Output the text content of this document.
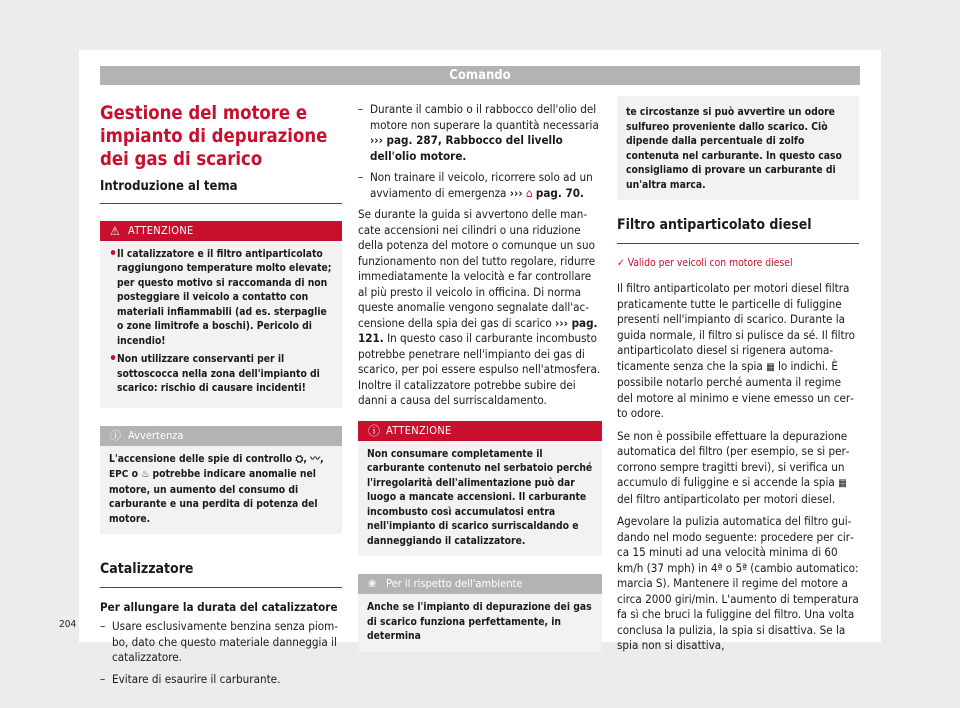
Comando
Gestione del motore e impianto di depurazione dei gas di scarico
Introduzione al tema
⚠ ATTENZIONE
• Il catalizzatore e il filtro antiparticolato raggiungono temperature molto elevate; per questo motivo si raccomanda di non posteggiare il veicolo a contatto con materiali infiammabili (ad es. sterpaglie o zone limitrofe a boschi). Pericolo di incendio!
• Non utilizzare conservanti per il sottoscocca nella zona dell'impianto di scarico: rischio di causare incidenti!
ⓘ Avvertenza
L'accensione delle spie di controllo ⛭, 〰, EPC o ♨ potrebbe indicare anomalie nel motore, un aumento del consumo di carburante e una perdita di potenza del motore.
Catalizzatore
Per allungare la durata del catalizzatore
– Usare esclusivamente benzina senza piombo, dato che questo materiale danneggia il catalizzatore.
– Evitare di esaurire il carburante.
– Durante il cambio o il rabbocco dell'olio del motore non superare la quantità necessaria ››› pag. 287, Rabbocco del livello dell'olio motore.
– Non trainare il veicolo, ricorrere solo ad un avviamento di emergenza ››› ⌂ pag. 70.

Se durante la guida si avvertono delle mancate accensioni nei cilindri o una riduzione della potenza del motore o comunque un suo funzionamento non del tutto regolare, ridurre immediatamente la velocità e far controllare al più presto il veicolo in officina. Di norma queste anomalie vengono segnalate dall'accensione della spia dei gas di scarico ››› pag. 121. In questo caso il carburante incombusto potrebbe penetrare nell'impianto dei gas di scarico, per poi essere espulso nell'atmosfera. Inoltre il catalizzatore potrebbe subire dei danni a causa del surriscaldamento.

ⓘ ATTENZIONE
Non consumare completamente il carburante contenuto nel serbatoio perché l'irregolarità dell'alimentazione può dar luogo a mancate accensioni. Il carburante incombusto così accumulatosi entra nell'impianto di scarico surriscaldando e danneggiando il catalizzatore.
❀ Per il rispetto dell'ambiente
Anche se l'impianto di depurazione dei gas di scarico funziona perfettamente, in determina
te circostanze si può avvertire un odore sulfureo proveniente dallo scarico. Ciò dipende dalla percentuale di zolfo contenuta nel carburante. In questo caso consigliamo di provare un carburante di un'altra marca.
Filtro antiparticolato diesel
✓ Valido per veicoli con motore diesel

Il filtro antiparticolato per motori diesel filtra praticamente tutte le particelle di fuliggine presenti nell'impianto di scarico. Durante la guida normale, il filtro si pulisce da sé. Il filtro antiparticolato diesel si rigenera automaticamente senza che la spia ▦ lo indichi. È possibile notarlo perché aumenta il regime del motore al minimo e viene emesso un certo odore.

Se non è possibile effettuare la depurazione automatica del filtro (per esempio, se si percorrono sempre tragitti brevi), si verifica un accumulo di fuliggine e si accende la spia ▦ del filtro antiparticolato per motori diesel.

Agevolare la pulizia automatica del filtro guidando nel modo seguente: procedere per circa 15 minuti ad una velocità minima di 60 km/h (37 mph) in 4ª o 5ª (cambio automatico: marcia S). Mantenere il regime del motore a circa 2000 giri/min. L'aumento di temperatura fa sì che bruci la fuliggine del filtro. Una volta conclusa la pulizia, la spia si disattiva. Se la spia non si disattiva,

204
